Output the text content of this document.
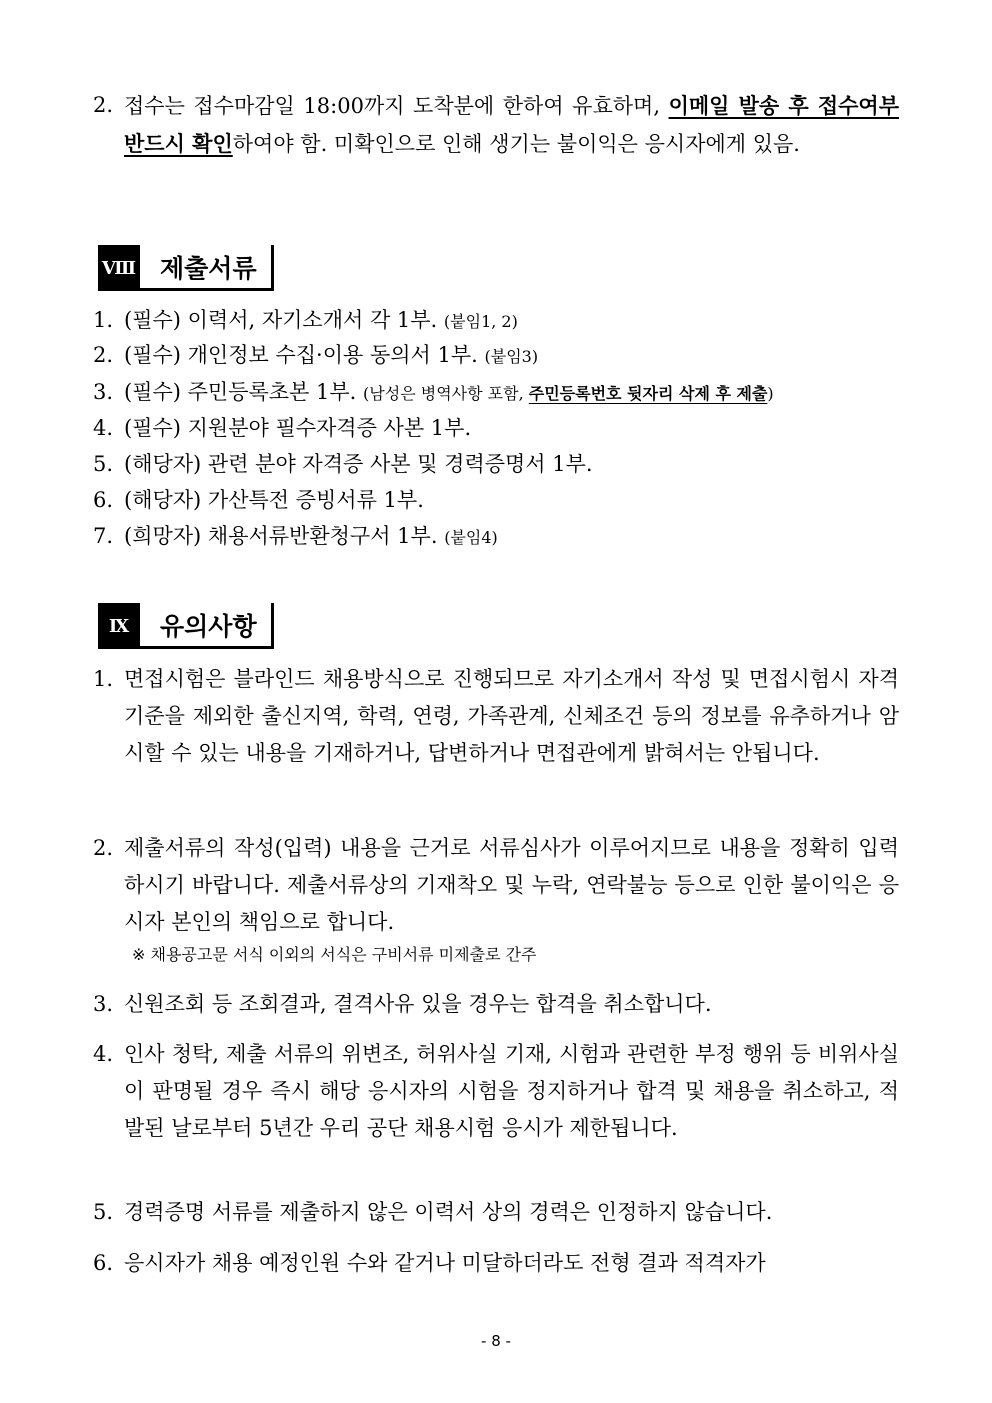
2. 접수는 접수마감일 18:00까지 도착분에 한하여 유효하며, 이메일 발송 후 접수여부 반드시 확인하여야 함. 미확인으로 인해 생기는 불이익은 응시자에게 있음.
Ⅷ 제출서류
1. (필수) 이력서, 자기소개서 각 1부. (붙임1, 2)
2. (필수) 개인정보 수집·이용 동의서 1부. (붙임3)
3. (필수) 주민등록초본 1부. (남성은 병역사항 포함, 주민등록번호 뒷자리 삭제 후 제출)
4. (필수) 지원분야 필수자격증 사본 1부.
5. (해당자) 관련 분야 자격증 사본 및 경력증명서 1부.
6. (해당자) 가산특전 증빙서류 1부.
7. (희망자) 채용서류반환청구서 1부. (붙임4)
Ⅸ	유의사항
1. 면접시험은 블라인드 채용방식으로 진행되므로 자기소개서 작성 및 면접시험시 자격 기준을 제외한 출신지역, 학력, 연령, 가족관계, 신체조건 등의 정보를 유추하거나 암시할 수 있는 내용을 기재하거나, 답변하거나 면접관에게 밝혀서는 안됩니다.
2. 제출서류의 작성(입력) 내용을 근거로 서류심사가 이루어지므로 내용을 정확히 입력하시기 바랍니다. 제출서류상의 기재착오 및 누락, 연락불능 등으로 인한 불이익은 응시자 본인의 책임으로 합니다.
※ 채용공고문 서식 이외의 서식은 구비서류 미제출로 간주
3. 신원조회 등 조회결과, 결격사유 있을 경우는 합격을 취소합니다.
4. 인사 청탁, 제출 서류의 위변조, 허위사실 기재, 시험과 관련한 부정 행위 등 비위사실이 판명될 경우 즉시 해당 응시자의 시험을 정지하거나 합격 및 채용을 취소하고, 적발된 날로부터 5년간 우리 공단 채용시험 응시가 제한됩니다.
5. 경력증명 서류를 제출하지 않은 이력서 상의 경력은 인정하지 않습니다.
6. 응시자가 채용 예정인원 수와 같거나 미달하더라도 전형 결과 적격자가
- 8 -
